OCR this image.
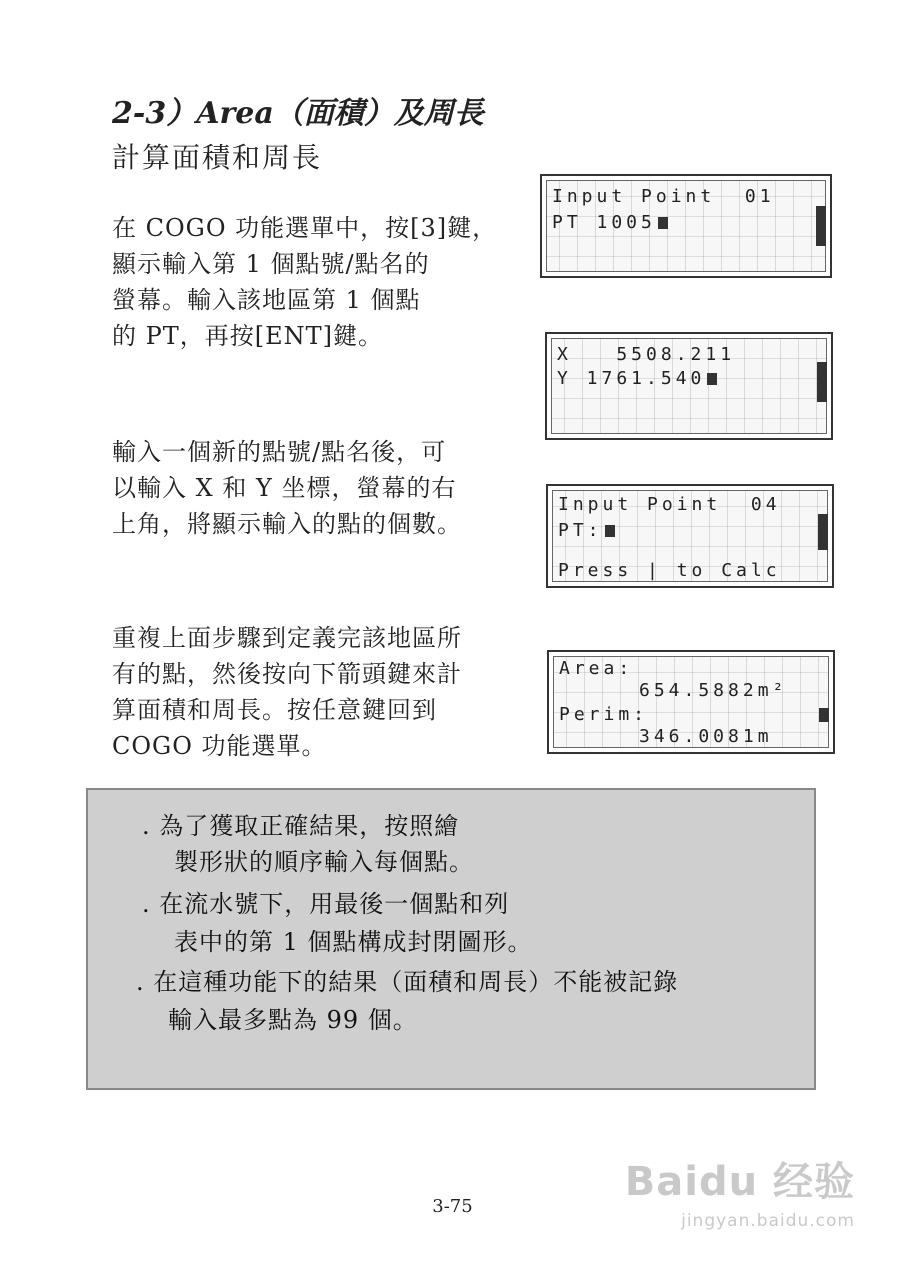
2-3）Area（面積）及周長
計算面積和周長
在 COGO 功能選單中，按[3]鍵，
顯示輸入第 1 個點號/點名的
螢幕。輸入該地區第 1 個點
的 PT，再按[ENT]鍵。
輸入一個新的點號/點名後，可
以輸入 X 和 Y 坐標，螢幕的右
上角，將顯示輸入的點的個數。
重複上面步驟到定義完該地區所
有的點，然後按向下箭頭鍵來計
算面積和周長。按任意鍵回到
COGO 功能選單。
Input Point  01
PT 1005
X   5508.211
Y 1761.540
Input Point  04
PT:
Press | to Calc
Area:
654.5882m²
Perim:
346.0081m
. 為了獲取正確結果，按照繪
製形狀的順序輸入每個點。
. 在流水號下，用最後一個點和列
表中的第 1 個點構成封閉圖形。
. 在這種功能下的結果（面積和周長）不能被記錄
輸入最多點為 99 個。
3-75
Baidu 经验
jingyan.baidu.com
